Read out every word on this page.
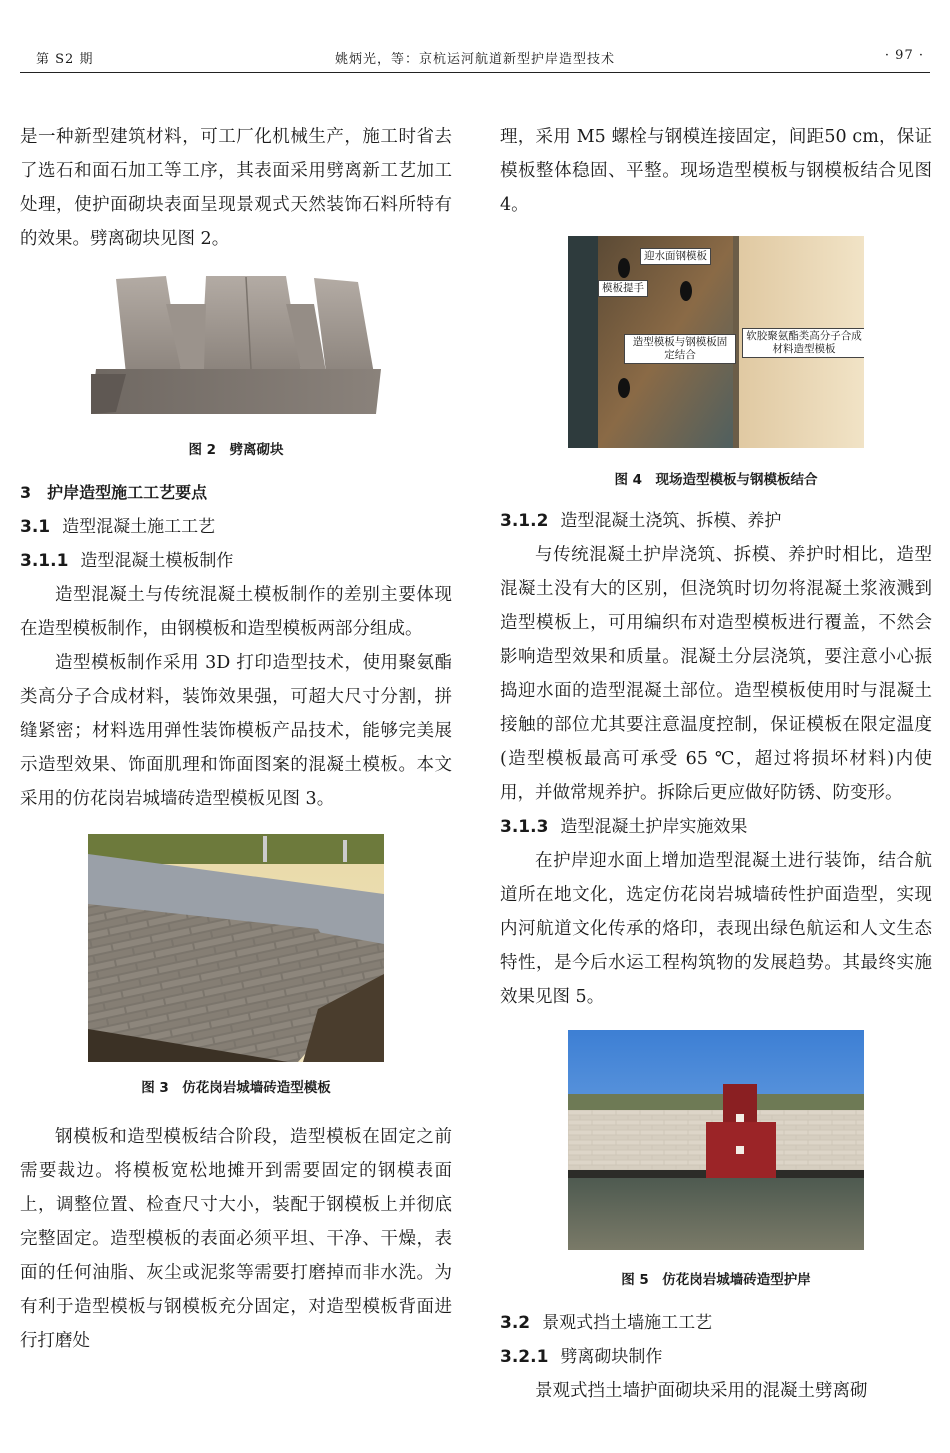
第 S2 期	姚炳光，等：京杭运河航道新型护岸造型技术	· 97 ·

是一种新型建筑材料，可工厂化机械生产，施工时省去了选石和面石加工等工序，其表面采用劈离新工艺加工处理，使护面砌块表面呈现景观式天然装饰石料所特有的效果。劈离砌块见图 2。

图 2　劈离砌块
3　护岸造型施工工艺要点
3.1 造型混凝土施工工艺
3.1.1 造型混凝土模板制作

造型混凝土与传统混凝土模板制作的差别主要体现在造型模板制作，由钢模板和造型模板两部分组成。

造型模板制作采用 3D 打印造型技术，使用聚氨酯类高分子合成材料，装饰效果强，可超大尺寸分割，拼缝紧密；材料选用弹性装饰模板产品技术，能够完美展示造型效果、饰面肌理和饰面图案的混凝土模板。本文采用的仿花岗岩城墙砖造型模板见图 3。

图 3　仿花岗岩城墙砖造型模板

钢模板和造型模板结合阶段，造型模板在固定之前需要裁边。将模板宽松地摊开到需要固定的钢模表面上，调整位置、检查尺寸大小，装配于钢模板上并彻底完整固定。造型模板的表面必须平坦、干净、干燥，表面的任何油脂、灰尘或泥浆等需要打磨掉而非水洗。为有利于造型模板与钢模板充分固定，对造型模板背面进行打磨处

理，采用 M5 螺栓与钢模连接固定，间距50 cm，保证模板整体稳固、平整。现场造型模板与钢模板结合见图 4。

迎水面钢模板
模板提手
造型模板与钢模板固定结合
软胶聚氨酯类高分子合成材料造型模板
图 4　现场造型模板与钢模板结合
3.1.2 造型混凝土浇筑、拆模、养护

与传统混凝土护岸浇筑、拆模、养护时相比，造型混凝土没有大的区别，但浇筑时切勿将混凝土浆液溅到造型模板上，可用编织布对造型模板进行覆盖，不然会影响造型效果和质量。混凝土分层浇筑，要注意小心振捣迎水面的造型混凝土部位。造型模板使用时与混凝土接触的部位尤其要注意温度控制，保证模板在限定温度(造型模板最高可承受 65 ℃，超过将损坏材料)内使用，并做常规养护。拆除后更应做好防锈、防变形。

3.1.3 造型混凝土护岸实施效果

在护岸迎水面上增加造型混凝土进行装饰，结合航道所在地文化，选定仿花岗岩城墙砖性护面造型，实现内河航道文化传承的烙印，表现出绿色航运和人文生态特性，是今后水运工程构筑物的发展趋势。其最终实施效果见图 5。

图 5　仿花岗岩城墙砖造型护岸
3.2 景观式挡土墙施工工艺
3.2.1 劈离砌块制作

景观式挡土墙护面砌块采用的混凝土劈离砌
